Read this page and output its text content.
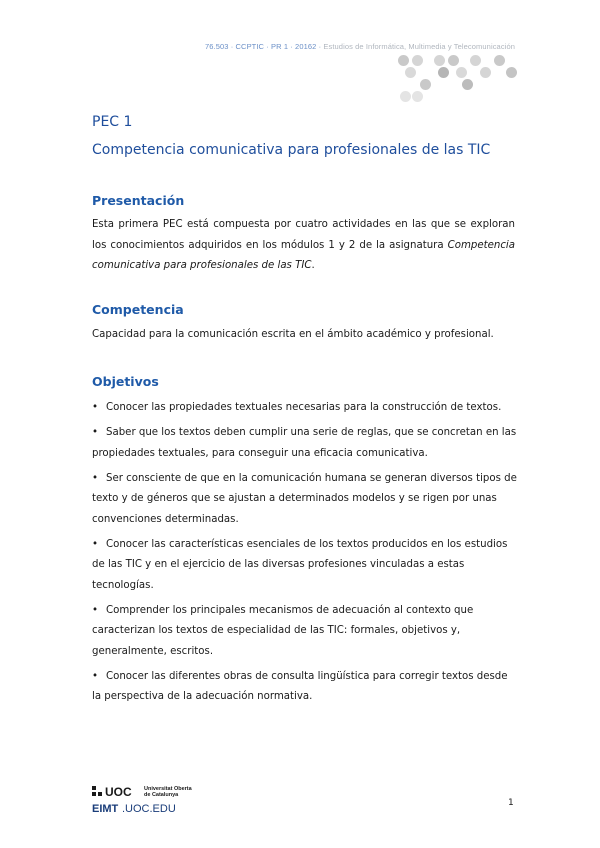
76.503 · CCPTIC · PR 1 · 20162 · Estudios de Informática, Multimedia y Telecomunicación

PEC 1

Competencia comunicativa para profesionales de las TIC

Presentación

Esta primera PEC está compuesta por cuatro actividades en las que se exploran los conocimientos adquiridos en los módulos 1 y 2 de la asignatura Competencia comunicativa para profesionales de las TIC.

Competencia

Capacidad para la comunicación escrita en el ámbito académico y profesional.

Objetivos
• Conocer las propiedades textuales necesarias para la construcción de textos.
• Saber que los textos deben cumplir una serie de reglas, que se concretan en las propiedades textuales, para conseguir una eficacia comunicativa.
• Ser consciente de que en la comunicación humana se generan diversos tipos de texto y de géneros que se ajustan a determinados modelos y se rigen por unas convenciones determinadas.
• Conocer las características esenciales de los textos producidos en los estudios de las TIC y en el ejercicio de las diversas profesiones vinculadas a estas tecnologías.
• Comprender los principales mecanismos de adecuación al contexto que caracterizan los textos de especialidad de las TIC: formales, objetivos y, generalmente, escritos.
• Conocer las diferentes obras de consulta lingüística para corregir textos desde la perspectiva de la adecuación normativa.
UOC Universitat Oberta
de Catalunya
EIMT .UOC.EDU	1
